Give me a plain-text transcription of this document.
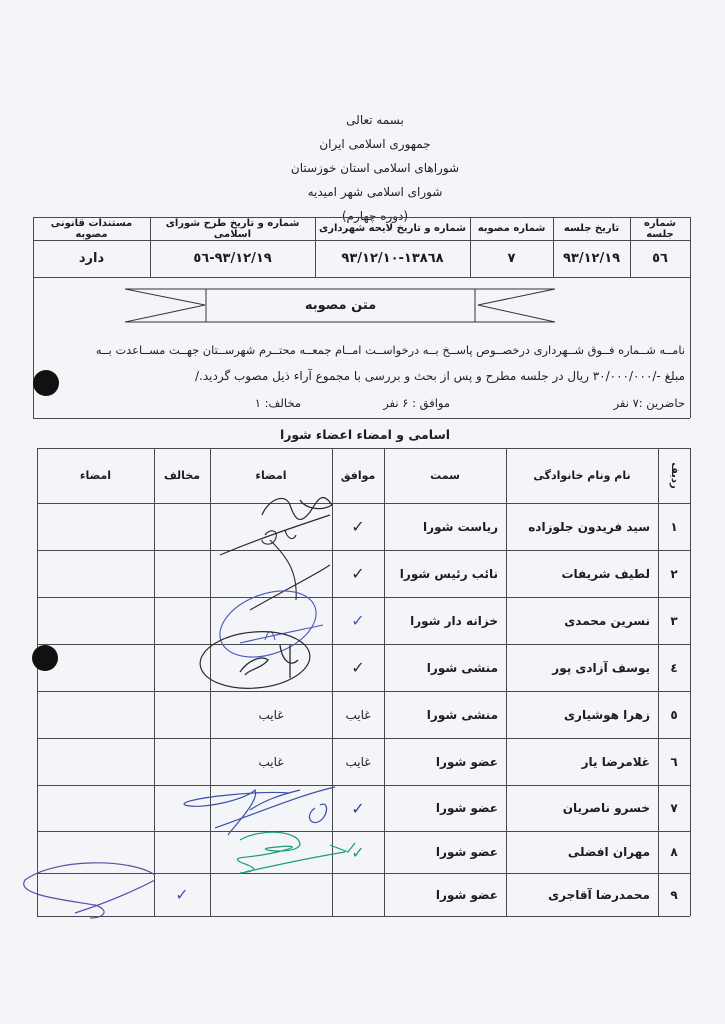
بسمه تعالی
جمهوری اسلامی ایران
شوراهای اسلامی استان خوزستان
شورای اسلامی شهر امیدیه
(دوره چهارم)	شماره جلسه
تاریخ جلسه
شماره مصوبه
شماره و تاریخ لایحه شهرداری
شماره و تاریخ طرح شورای اسلامی
مستندات قانونی مصوبه
٥٦
۹۳/۱۲/۱۹
۷
۹۳/۱۲/۱۰-۱۳۸٦۸
۹۳/۱۲/۱۹-٥٦
دارد
متن مصوبه
نامــه شــماره فــوق شــهرداری درخصــوص پاســخ بــه درخواســت امــام جمعــه محتــرم شهرســتان جهــت مســاعدت بــه
مبلغ -/۳۰/۰۰۰/۰۰۰ ریال در جلسه مطرح و پس از بحث و بررسی با مجموع آراء ذیل مصوب گردید./
حاضرین :۷ نفر
موافق : ۶ نفر
مخالف: ۱
اسامی و امضاء اعضاء شورا
ردیف
نام ونام خانوادگی
سمت
موافق
امضاء
مخالف
امضاء
۱
سید فریدون جلوزاده
ریاست شورا
✓
۲
لطیف شریفات
نائب رئیس شورا
✓
۳
نسرین محمدی
خزانه دار شورا
✓
٤
یوسف آزادی پور
منشی شورا
✓
٥
زهرا هوشیاری
منشی شورا
غایب
غایب
٦
غلامرضا یار
عضو شورا
غایب
غایب
۷
خسرو ناصریان
عضو شورا
✓
۸
مهران افضلی
عضو شورا
✓
۹
محمدرضا آقاجری
عضو شورا
✓
